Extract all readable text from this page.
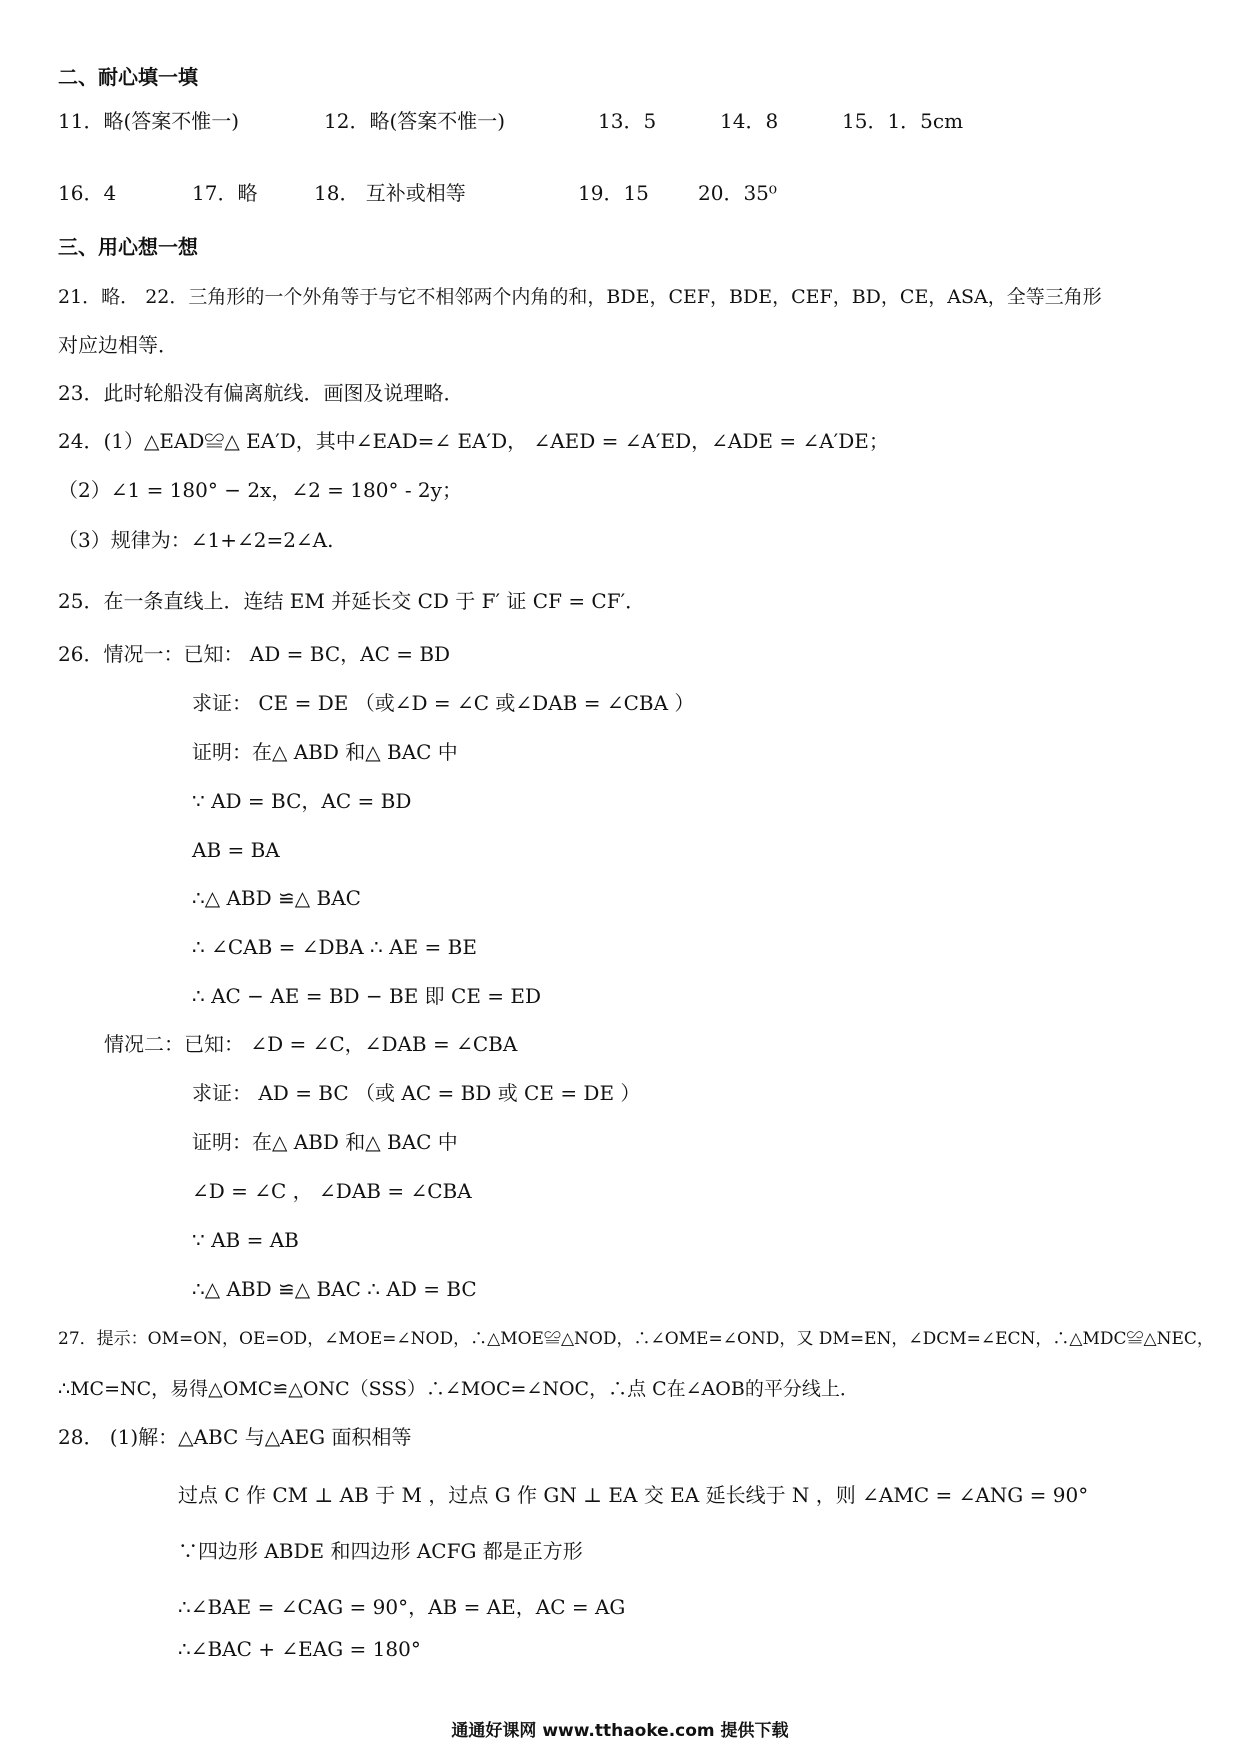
二、耐心填一填
11．略(答案不惟一)	12．略(答案不惟一)	13．5	14．8	15．1．5cm
16．4	17．略	18． 互补或相等	19．15 20．35⁰
三、用心想一想
21．略． 22．三角形的一个外角等于与它不相邻两个内角的和，BDE，CEF，BDE，CEF，BD，CE，ASA，全等三角形
对应边相等．
23．此时轮船没有偏离航线．画图及说理略．
24．(1）△EAD≌△ EA′D，其中∠EAD=∠ EA′D， ∠AED = ∠A′ED，∠ADE = ∠A′DE；
（2）∠1 = 180° − 2x，∠2 = 180° - 2y；
（3）规律为：∠1+∠2=2∠A.
25．在一条直线上．连结 EM 并延长交 CD 于 F′ 证 CF = CF′．
26．情况一：已知： AD = BC，AC = BD
求证： CE = DE （或∠D = ∠C 或∠DAB = ∠CBA ）
证明：在△ ABD 和△ BAC 中
∵ AD = BC，AC = BD
AB = BA
∴△ ABD ≌△ BAC
∴ ∠CAB = ∠DBA ∴ AE = BE
∴ AC − AE = BD − BE 即 CE = ED
情况二：已知： ∠D = ∠C，∠DAB = ∠CBA
求证： AD = BC （或 AC = BD 或 CE = DE ）
证明：在△ ABD 和△ BAC 中
∠D = ∠C ， ∠DAB = ∠CBA
∵ AB = AB
∴△ ABD ≌△ BAC ∴ AD = BC
27．提示：OM=ON，OE=OD，∠MOE=∠NOD，∴△MOE≌△NOD，∴∠OME=∠OND，又 DM=EN，∠DCM=∠ECN，∴△MDC≌△NEC，
∴MC=NC，易得△OMC≌△ONC（SSS）∴∠MOC=∠NOC，∴点 C在∠AOB的平分线上．
28． (1)解：△ABC 与△AEG 面积相等
过点 C 作 CM ⊥ AB 于 M ，过点 G 作 GN ⊥ EA 交 EA 延长线于 N ，则 ∠AMC = ∠ANG = 90°
∵四边形 ABDE 和四边形 ACFG 都是正方形
∴∠BAE = ∠CAG = 90°，AB = AE，AC = AG
∴∠BAC + ∠EAG = 180°
通通好课网 www.tthaoke.com 提供下载
